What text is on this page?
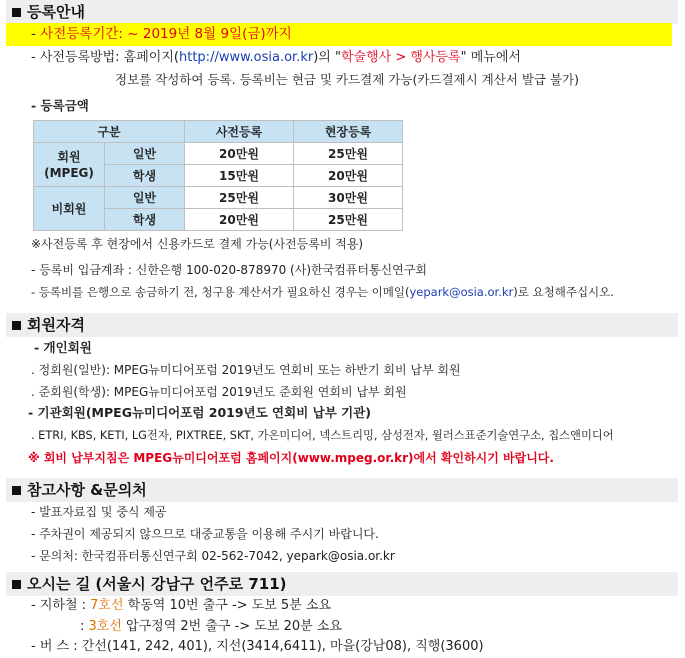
등록안내
- 사전등록기간: ~ 2019년 8월 9일(금)까지
- 사전등록방법: 홈페이지(http://www.osia.or.kr)의 "학술행사 > 행사등록" 메뉴에서
정보를 작성하여 등록. 등록비는 현금 및 카드결제 가능(카드결제시 계산서 발급 불가)
- 등록금액
구분		사전등록	현장등록
회원
(MPEG)	일반	20만원	25만원
	학생	15만원	20만원
비회원	일반	25만원	30만원
	학생	20만원	25만원
※사전등록 후 현장에서 신용카드로 결제 가능(사전등록비 적용)
- 등록비 입금계좌 : 신한은행 100-020-878970 (사)한국컴퓨터통신연구회
- 등록비를 은행으로 송금하기 전, 청구용 계산서가 필요하신 경우는 이메일(yepark@osia.or.kr)로 요청해주십시오.
회원자격
- 개인회원
. 정회원(일반): MPEG뉴미디어포럼 2019년도 연회비 또는 하반기 회비 납부 회원
. 준회원(학생): MPEG뉴미디어포럼 2019년도 준회원 연회비 납부 회원
- 기관회원(MPEG뉴미디어포럼 2019년도 연회비 납부 기관)
. ETRI, KBS, KETI, LG전자, PIXTREE, SKT, 가온미디어, 넥스트리밍, 삼성전자, 윌러스표준기술연구소, 칩스앤미디어
※ 회비 납부지침은 MPEG뉴미디어포럼 홈페이지(www.mpeg.or.kr)에서 확인하시기 바랍니다.
참고사항 &문의처
- 발표자료집 및 중식 제공
- 주차권이 제공되지 않으므로 대중교통을 이용해 주시기 바랍니다.
- 문의처: 한국컴퓨터통신연구회 02-562-7042, yepark@osia.or.kr
오시는 길 (서울시 강남구 언주로 711)
- 지하철 : 7호선 학동역 10번 출구 -> 도보 5분 소요
: 3호선 압구정역 2번 출구 -> 도보 20분 소요
- 버 스 : 간선(141, 242, 401), 지선(3414,6411), 마을(강남08), 직행(3600)
